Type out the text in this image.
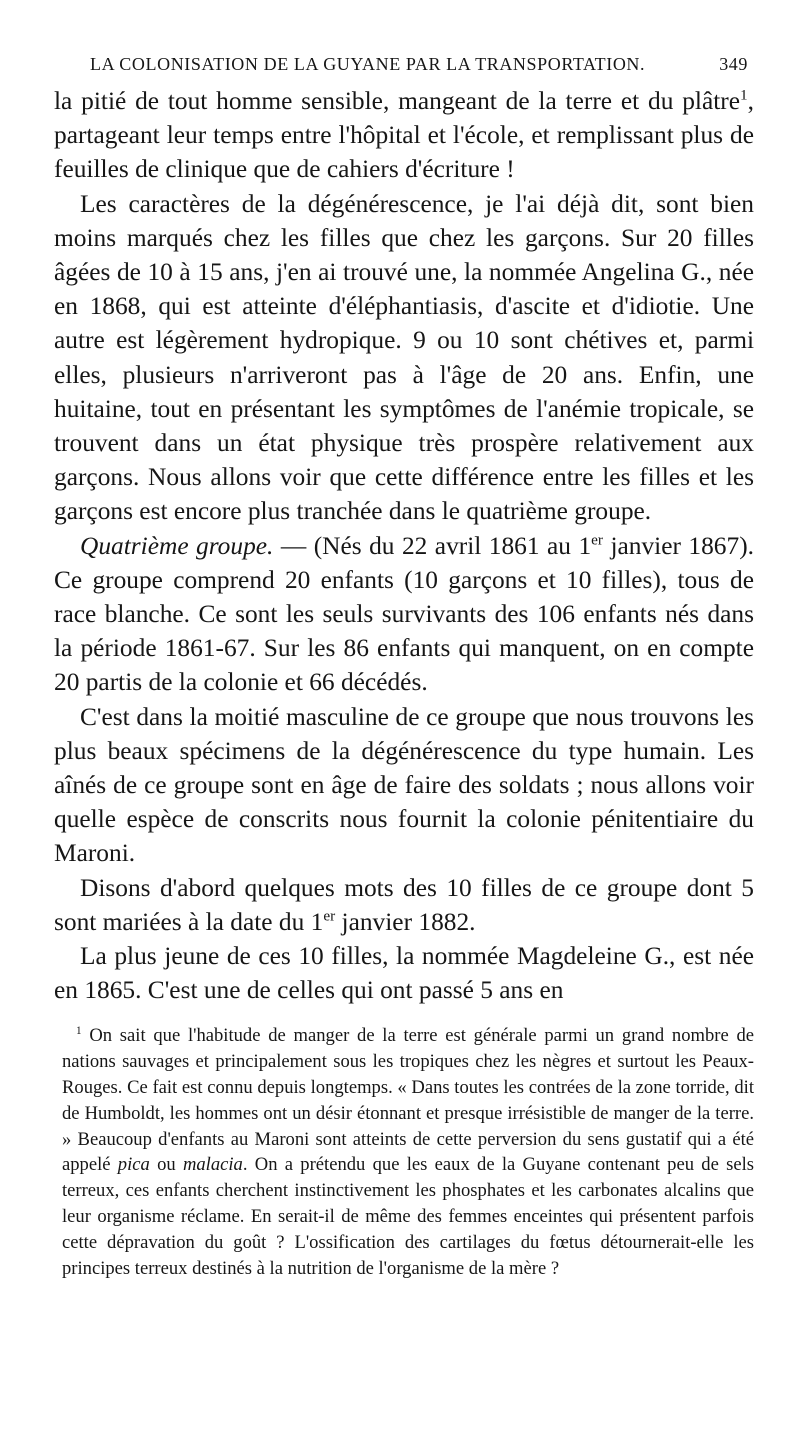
LA COLONISATION DE LA GUYANE PAR LA TRANSPORTATION.	349

la pitié de tout homme sensible, mangeant de la terre et du plâtre$^1$, partageant leur temps entre l'hôpital et l'école, et remplissant plus de feuilles de clinique que de cahiers d'écriture !

Les caractères de la dégénérescence, je l'ai déjà dit, sont bien moins marqués chez les filles que chez les garçons. Sur 20 filles âgées de 10 à 15 ans, j'en ai trouvé une, la nommée Angelina G., née en 1868, qui est atteinte d'éléphantiasis, d'ascite et d'idiotie. Une autre est légèrement hydropique. 9 ou 10 sont chétives et, parmi elles, plusieurs n'arriveront pas à l'âge de 20 ans. Enfin, une huitaine, tout en présentant les symptômes de l'anémie tropicale, se trouvent dans un état physique très prospère relativement aux garçons. Nous allons voir que cette différence entre les filles et les garçons est encore plus tranchée dans le quatrième groupe.

Quatrième groupe. — (Nés du 22 avril 1861 au 1er janvier 1867). Ce groupe comprend 20 enfants (10 garçons et 10 filles), tous de race blanche. Ce sont les seuls survivants des 106 enfants nés dans la période 1861-67. Sur les 86 enfants qui manquent, on en compte 20 partis de la colonie et 66 décédés.

C'est dans la moitié masculine de ce groupe que nous trouvons les plus beaux spécimens de la dégénérescence du type humain. Les aînés de ce groupe sont en âge de faire des soldats ; nous allons voir quelle espèce de conscrits nous fournit la colonie pénitentiaire du Maroni.

Disons d'abord quelques mots des 10 filles de ce groupe dont 5 sont mariées à la date du 1er janvier 1882.

La plus jeune de ces 10 filles, la nommée Magdeleine G., est née en 1865. C'est une de celles qui ont passé 5 ans en

$^1$ On sait que l'habitude de manger de la terre est générale parmi un grand nombre de nations sauvages et principalement sous les tropiques chez les nègres et surtout les Peaux-Rouges. Ce fait est connu depuis longtemps. « Dans toutes les contrées de la zone torride, dit de Humboldt, les hommes ont un désir étonnant et presque irrésistible de manger de la terre. » Beaucoup d'enfants au Maroni sont atteints de cette perversion du sens gustatif qui a été appelé pica ou malacia. On a prétendu que les eaux de la Guyane contenant peu de sels terreux, ces enfants cherchent instinctivement les phosphates et les carbonates alcalins que leur organisme réclame. En serait-il de même des femmes enceintes qui présentent parfois cette dépravation du goût ? L'ossification des cartilages du fœtus détournerait-elle les principes terreux destinés à la nutrition de l'organisme de la mère ?
